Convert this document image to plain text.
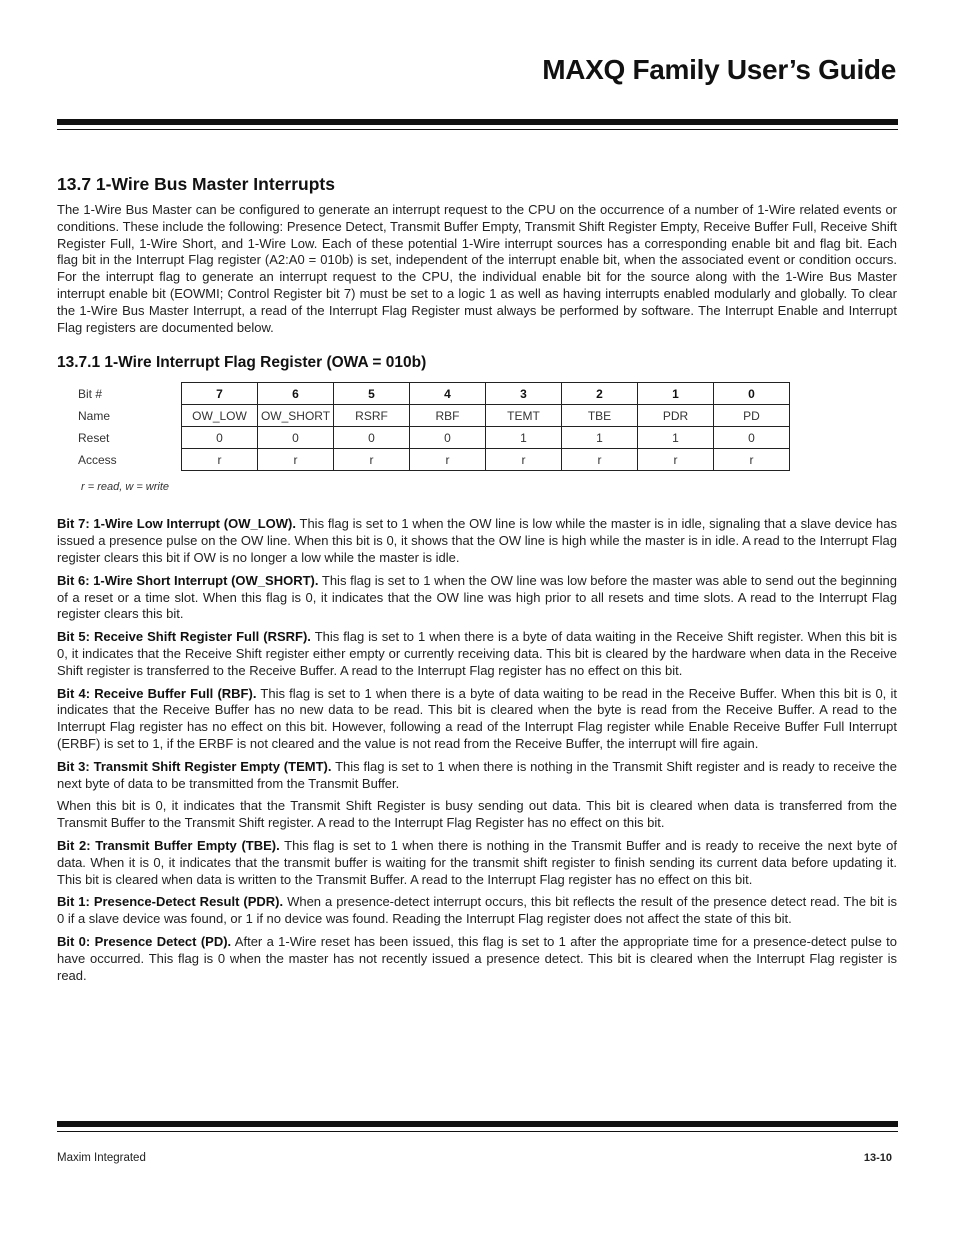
MAXQ Family User’s Guide
13.7 1-Wire Bus Master Interrupts

The 1-Wire Bus Master can be configured to generate an interrupt request to the CPU on the occurrence of a number of 1-Wire related events or conditions. These include the following: Presence Detect, Transmit Buffer Empty, Transmit Shift Register Empty, Receive Buffer Full, Receive Shift Register Full, 1-Wire Short, and 1-Wire Low. Each of these potential 1-Wire interrupt sources has a corresponding enable bit and flag bit. Each flag bit in the Interrupt Flag register (A2:A0 = 010b) is set, independent of the interrupt enable bit, when the associated event or condition occurs. For the interrupt flag to generate an interrupt request to the CPU, the individual enable bit for the source along with the 1-Wire Bus Master interrupt enable bit (EOWMI; Control Register bit 7) must be set to a logic 1 as well as having interrupts enabled modularly and globally. To clear the 1-Wire Bus Master Interrupt, a read of the Interrupt Flag Register must always be performed by software. The Interrupt Enable and Interrupt Flag registers are documented below.

13.7.1 1-Wire Interrupt Flag Register (OWA = 010b)
Bit #	7	6	5	4	3	2	1	0
Name	OW_LOW	OW_SHORT	RSRF	RBF	TEMT	TBE	PDR	PD
Reset	0	0	0	0	1	1	1	0
Access	r	r	r	r	r	r	r	r
r = read, w = write

Bit 7: 1-Wire Low Interrupt (OW_LOW). This flag is set to 1 when the OW line is low while the master is in idle, signaling that a slave device has issued a presence pulse on the OW line. When this bit is 0, it shows that the OW line is high while the master is in idle. A read to the Interrupt Flag register clears this bit if OW is no longer a low while the master is idle.

Bit 6: 1-Wire Short Interrupt (OW_SHORT). This flag is set to 1 when the OW line was low before the master was able to send out the beginning of a reset or a time slot. When this flag is 0, it indicates that the OW line was high prior to all resets and time slots. A read to the Interrupt Flag register clears this bit.

Bit 5: Receive Shift Register Full (RSRF). This flag is set to 1 when there is a byte of data waiting in the Receive Shift register. When this bit is 0, it indicates that the Receive Shift register either empty or currently receiving data. This bit is cleared by the hardware when data in the Receive Shift register is transferred to the Receive Buffer. A read to the Interrupt Flag register has no effect on this bit.

Bit 4: Receive Buffer Full (RBF). This flag is set to 1 when there is a byte of data waiting to be read in the Receive Buffer. When this bit is 0, it indicates that the Receive Buffer has no new data to be read. This bit is cleared when the byte is read from the Receive Buffer. A read to the Interrupt Flag register has no effect on this bit. However, following a read of the Interrupt Flag register while Enable Receive Buffer Full Interrupt (ERBF) is set to 1, if the ERBF is not cleared and the value is not read from the Receive Buffer, the interrupt will fire again.

Bit 3: Transmit Shift Register Empty (TEMT). This flag is set to 1 when there is nothing in the Transmit Shift register and is ready to receive the next byte of data to be transmitted from the Transmit Buffer.

When this bit is 0, it indicates that the Transmit Shift Register is busy sending out data. This bit is cleared when data is transferred from the Transmit Buffer to the Transmit Shift register. A read to the Interrupt Flag Register has no effect on this bit.

Bit 2: Transmit Buffer Empty (TBE). This flag is set to 1 when there is nothing in the Transmit Buffer and is ready to receive the next byte of data. When it is 0, it indicates that the transmit buffer is waiting for the transmit shift register to finish sending its current data before updating it. This bit is cleared when data is written to the Transmit Buffer. A read to the Interrupt Flag register has no effect on this bit.

Bit 1: Presence-Detect Result (PDR). When a presence-detect interrupt occurs, this bit reflects the result of the presence detect read. The bit is 0 if a slave device was found, or 1 if no device was found. Reading the Interrupt Flag register does not affect the state of this bit.

Bit 0: Presence Detect (PD). After a 1-Wire reset has been issued, this flag is set to 1 after the appropriate time for a presence-detect pulse to have occurred. This flag is 0 when the master has not recently issued a presence detect. This bit is cleared when the Interrupt Flag register is read.

Maxim Integrated	13-10
